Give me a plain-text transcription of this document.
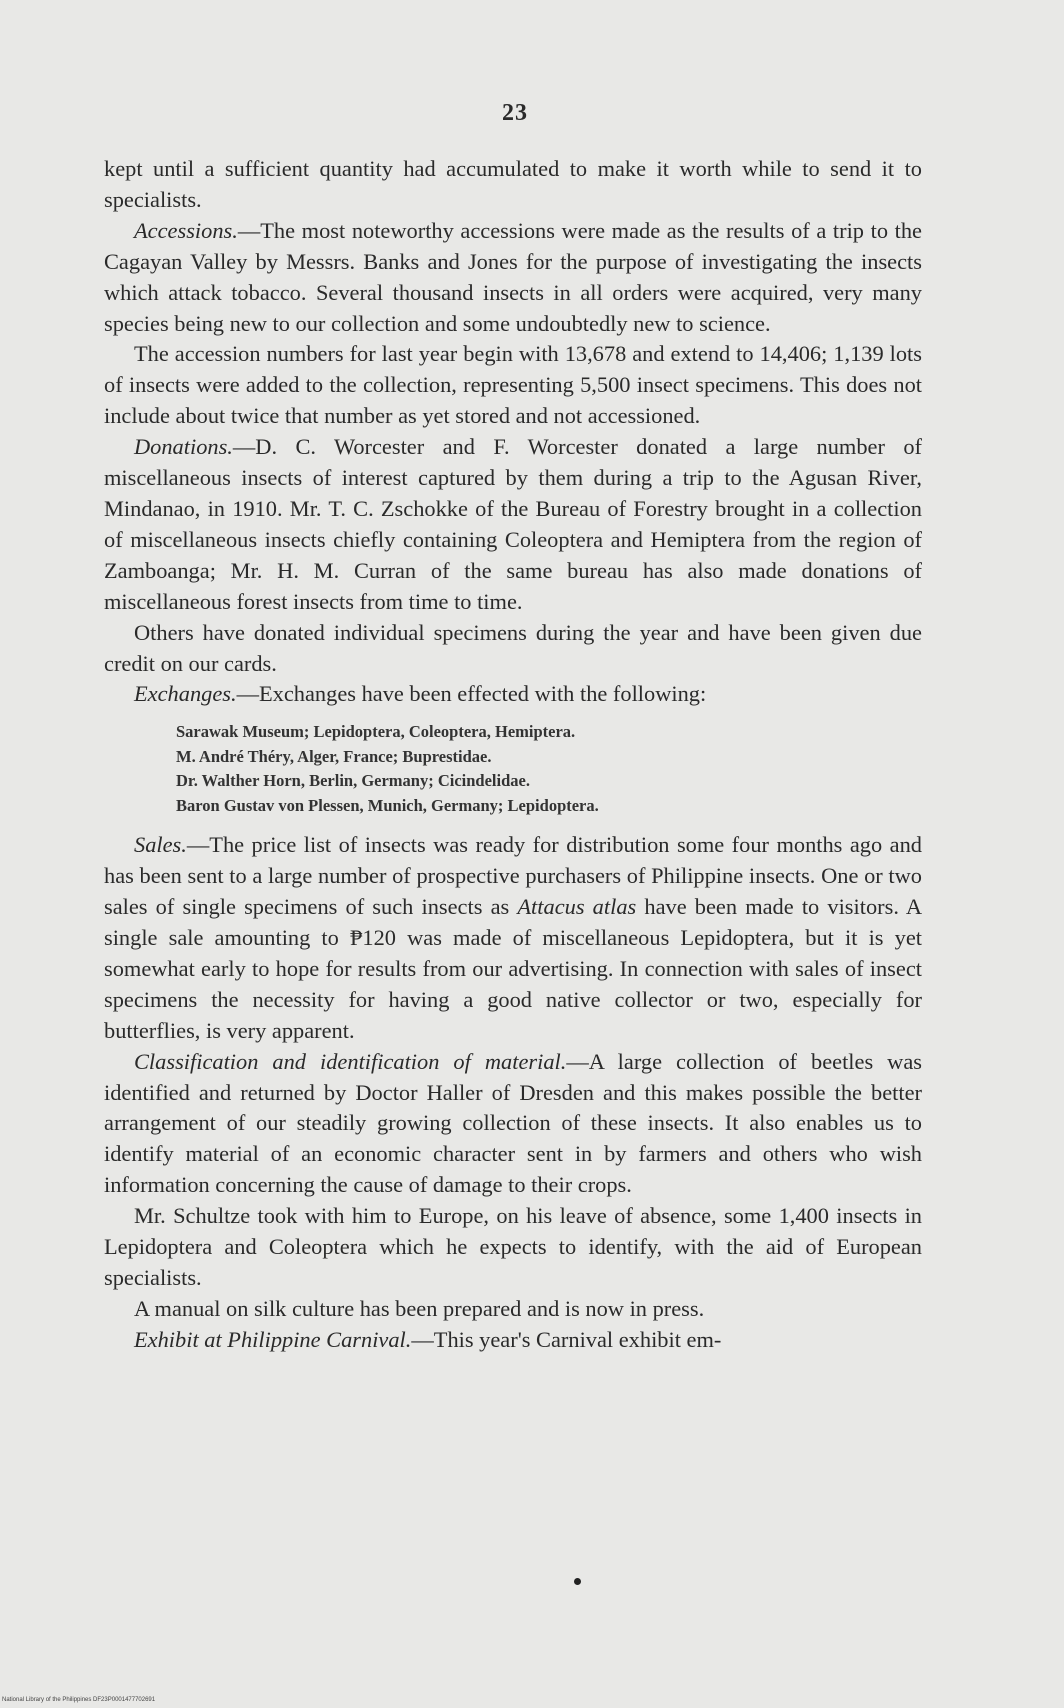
23

kept until a sufficient quantity had accumulated to make it worth while to send it to specialists.

Accessions.—The most noteworthy accessions were made as the results of a trip to the Cagayan Valley by Messrs. Banks and Jones for the purpose of investigating the insects which attack tobacco. Several thousand insects in all orders were acquired, very many species being new to our collection and some undoubtedly new to science.

The accession numbers for last year begin with 13,678 and extend to 14,406; 1,139 lots of insects were added to the collection, representing 5,500 insect specimens. This does not include about twice that number as yet stored and not accessioned.

Donations.—D. C. Worcester and F. Worcester donated a large number of miscellaneous insects of interest captured by them during a trip to the Agusan River, Mindanao, in 1910. Mr. T. C. Zschokke of the Bureau of Forestry brought in a collection of miscellaneous insects chiefly containing Coleoptera and Hemiptera from the region of Zamboanga; Mr. H. M. Curran of the same bureau has also made donations of miscellaneous forest insects from time to time.

Others have donated individual specimens during the year and have been given due credit on our cards.

Exchanges.—Exchanges have been effected with the following:

Sarawak Museum; Lepidoptera, Coleoptera, Hemiptera.
M. André Théry, Alger, France; Buprestidae.
Dr. Walther Horn, Berlin, Germany; Cicindelidae.
Baron Gustav von Plessen, Munich, Germany; Lepidoptera.

Sales.—The price list of insects was ready for distribution some four months ago and has been sent to a large number of prospective purchasers of Philippine insects. One or two sales of single specimens of such insects as Attacus atlas have been made to visitors. A single sale amounting to ₱120 was made of miscellaneous Lepidoptera, but it is yet somewhat early to hope for results from our advertising. In connection with sales of insect specimens the necessity for having a good native collector or two, especially for butterflies, is very apparent.

Classification and identification of material.—A large collection of beetles was identified and returned by Doctor Haller of Dresden and this makes possible the better arrangement of our steadily growing collection of these insects. It also enables us to identify material of an economic character sent in by farmers and others who wish information concerning the cause of damage to their crops.

Mr. Schultze took with him to Europe, on his leave of absence, some 1,400 insects in Lepidoptera and Coleoptera which he expects to identify, with the aid of European specialists.

A manual on silk culture has been prepared and is now in press.

Exhibit at Philippine Carnival.—This year's Carnival exhibit em-

National Library of the Philippines DF23P0001477702691
